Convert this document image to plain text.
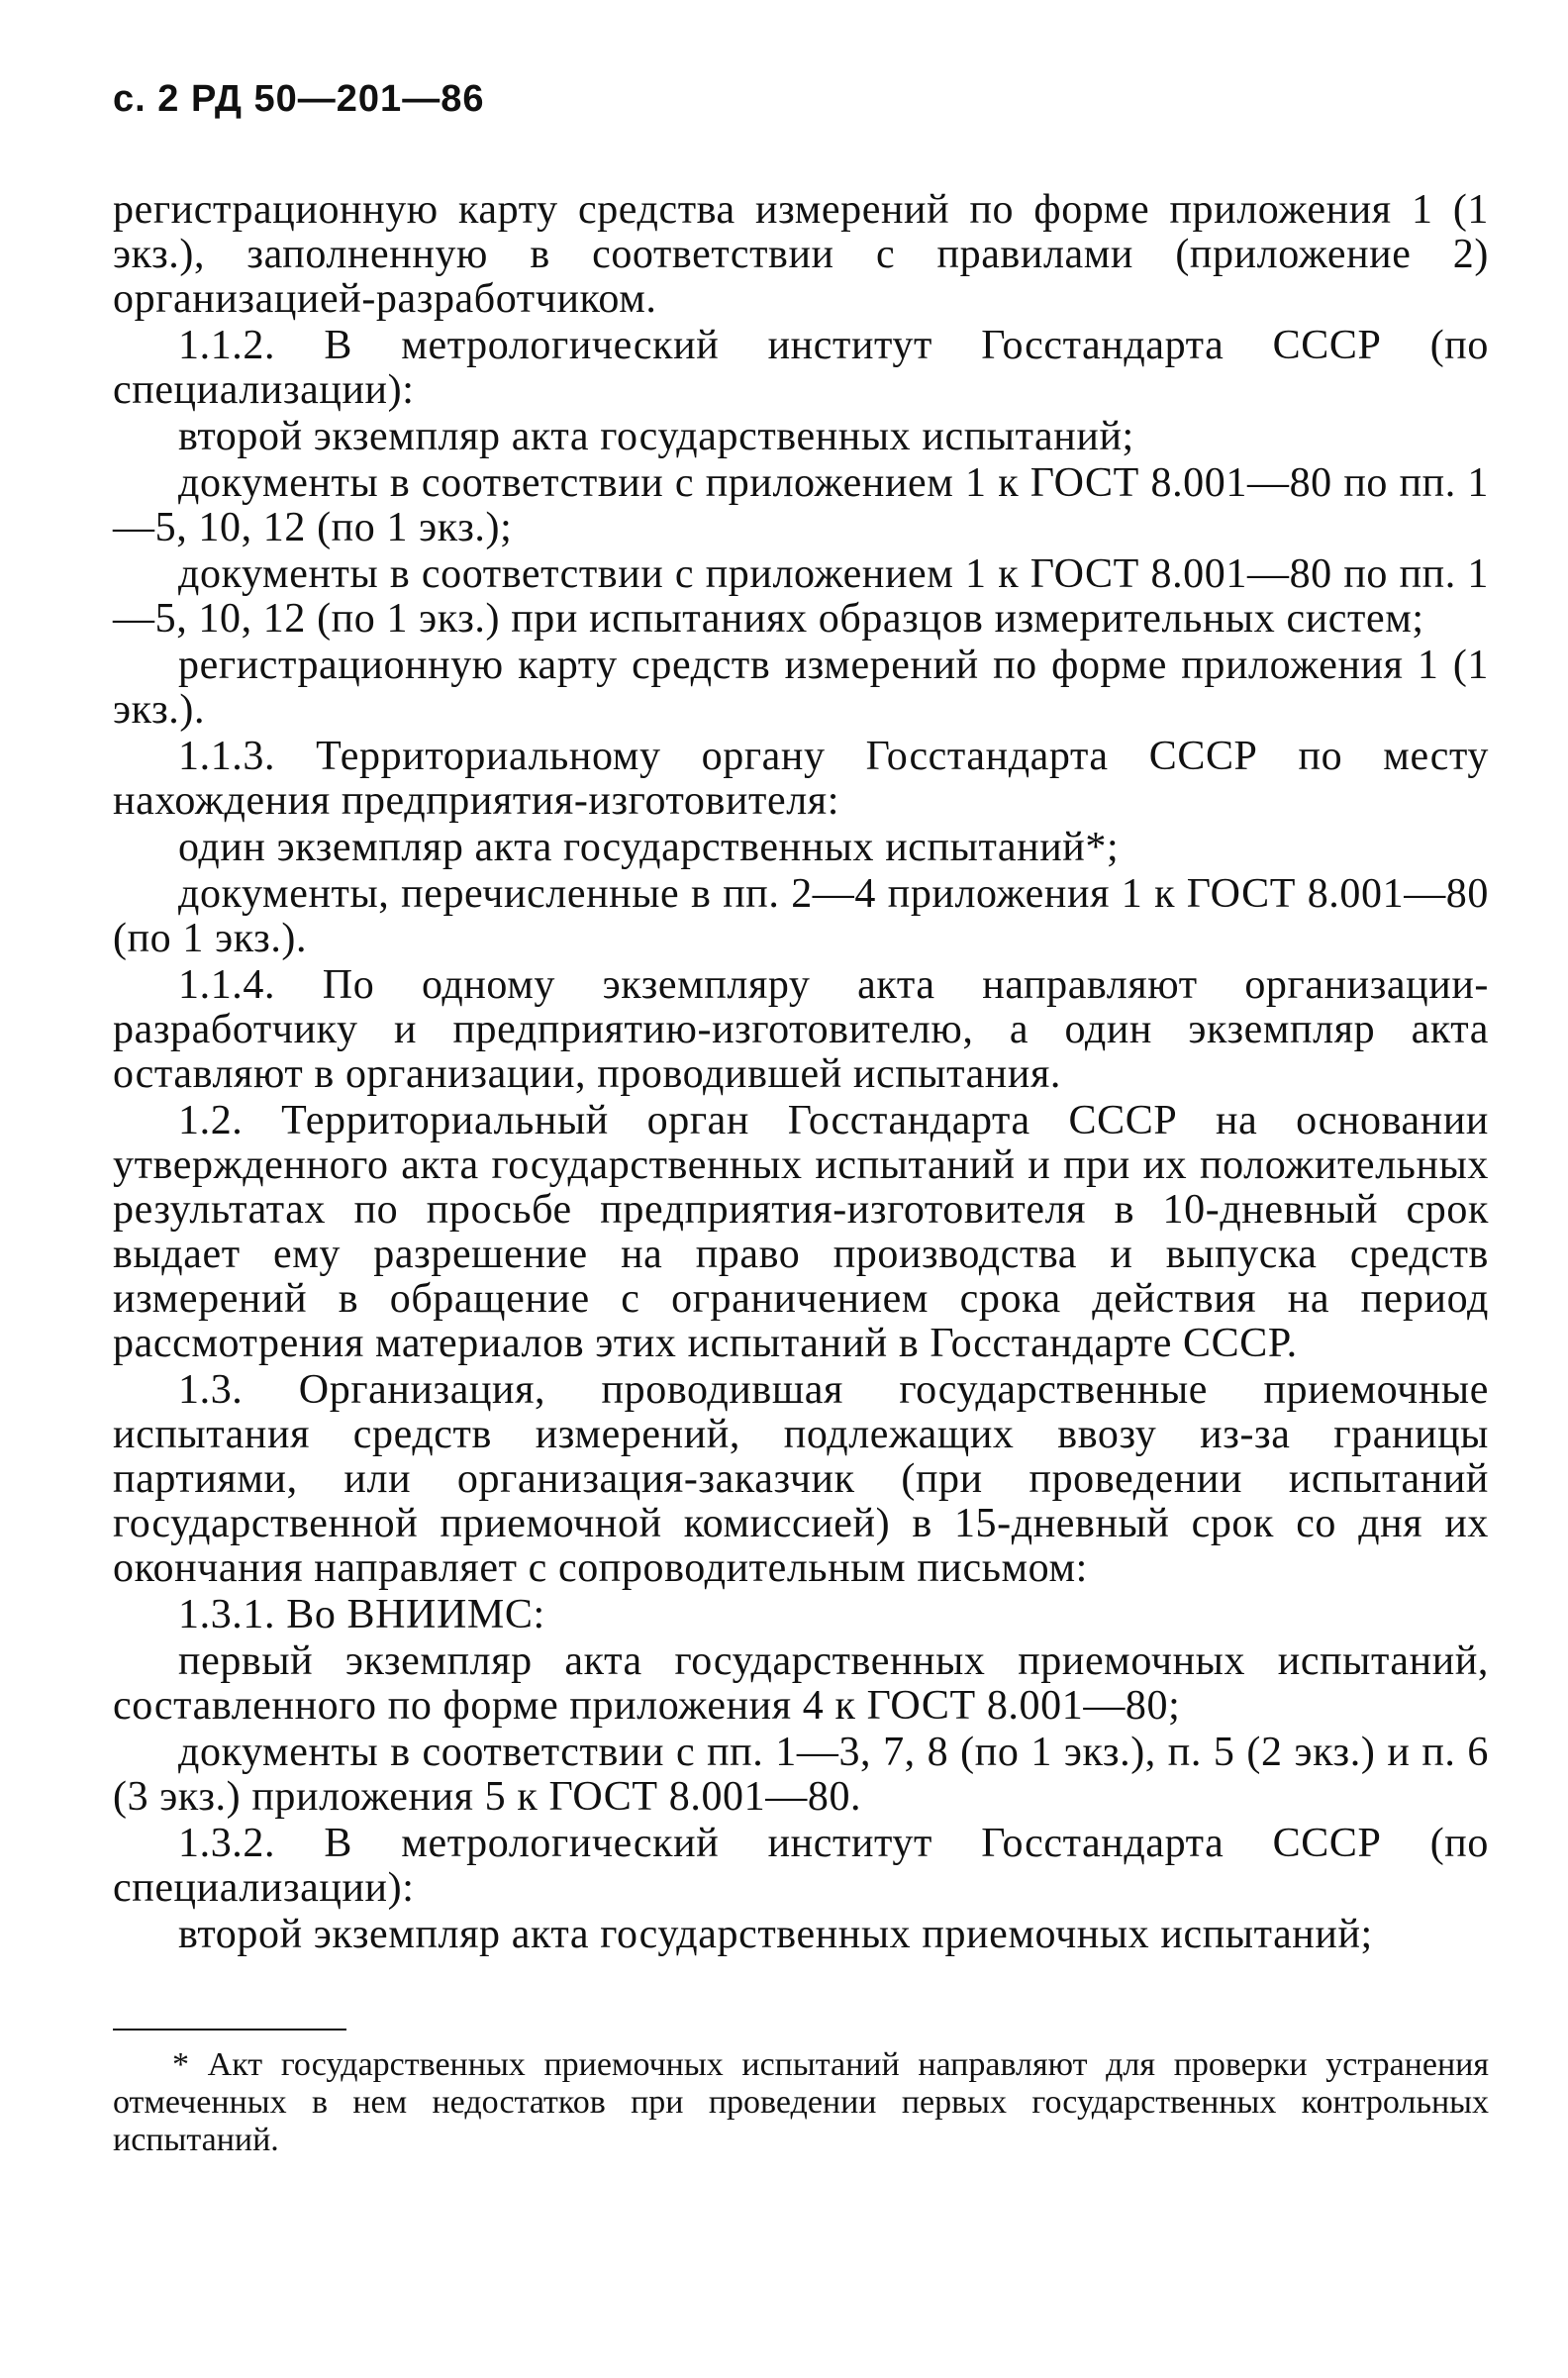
с. 2 РД 50—201—86

регистрационную карту средства измерений по форме приложения 1 (1 экз.), заполненную в соответствии с правилами (приложение 2) организацией-разработчиком.

1.1.2. В метрологический институт Госстандарта СССР (по специализации):

второй экземпляр акта государственных испытаний;

документы в соответствии с приложением 1 к ГОСТ 8.001—80 по пп. 1—5, 10, 12 (по 1 экз.);

документы в соответствии с приложением 1 к ГОСТ 8.001—80 по пп. 1—5, 10, 12 (по 1 экз.) при испытаниях образцов измерительных систем;

регистрационную карту средств измерений по форме приложения 1 (1 экз.).

1.1.3. Территориальному органу Госстандарта СССР по месту нахождения предприятия-изготовителя:

один экземпляр акта государственных испытаний*;

документы, перечисленные в пп. 2—4 приложения 1 к ГОСТ 8.001—80 (по 1 экз.).

1.1.4. По одному экземпляру акта направляют организации-разработчику и предприятию-изготовителю, а один экземпляр акта оставляют в организации, проводившей испытания.

1.2. Территориальный орган Госстандарта СССР на основании утвержденного акта государственных испытаний и при их положительных результатах по просьбе предприятия-изготовителя в 10-дневный срок выдает ему разрешение на право производства и выпуска средств измерений в обращение с ограничением срока действия на период рассмотрения материалов этих испытаний в Госстандарте СССР.

1.3. Организация, проводившая государственные приемочные испытания средств измерений, подлежащих ввозу из-за границы партиями, или организация-заказчик (при проведении испытаний государственной приемочной комиссией) в 15-дневный срок со дня их окончания направляет с сопроводительным письмом:

1.3.1. Во ВНИИМС:

первый экземпляр акта государственных приемочных испытаний, составленного по форме приложения 4 к ГОСТ 8.001—80;

документы в соответствии с пп. 1—3, 7, 8 (по 1 экз.), п. 5 (2 экз.) и п. 6 (3 экз.) приложения 5 к ГОСТ 8.001—80.

1.3.2. В метрологический институт Госстандарта СССР (по специализации):

второй экземпляр акта государственных приемочных испытаний;

* Акт государственных приемочных испытаний направляют для проверки устранения отмеченных в нем недостатков при проведении первых государственных контрольных испытаний.
